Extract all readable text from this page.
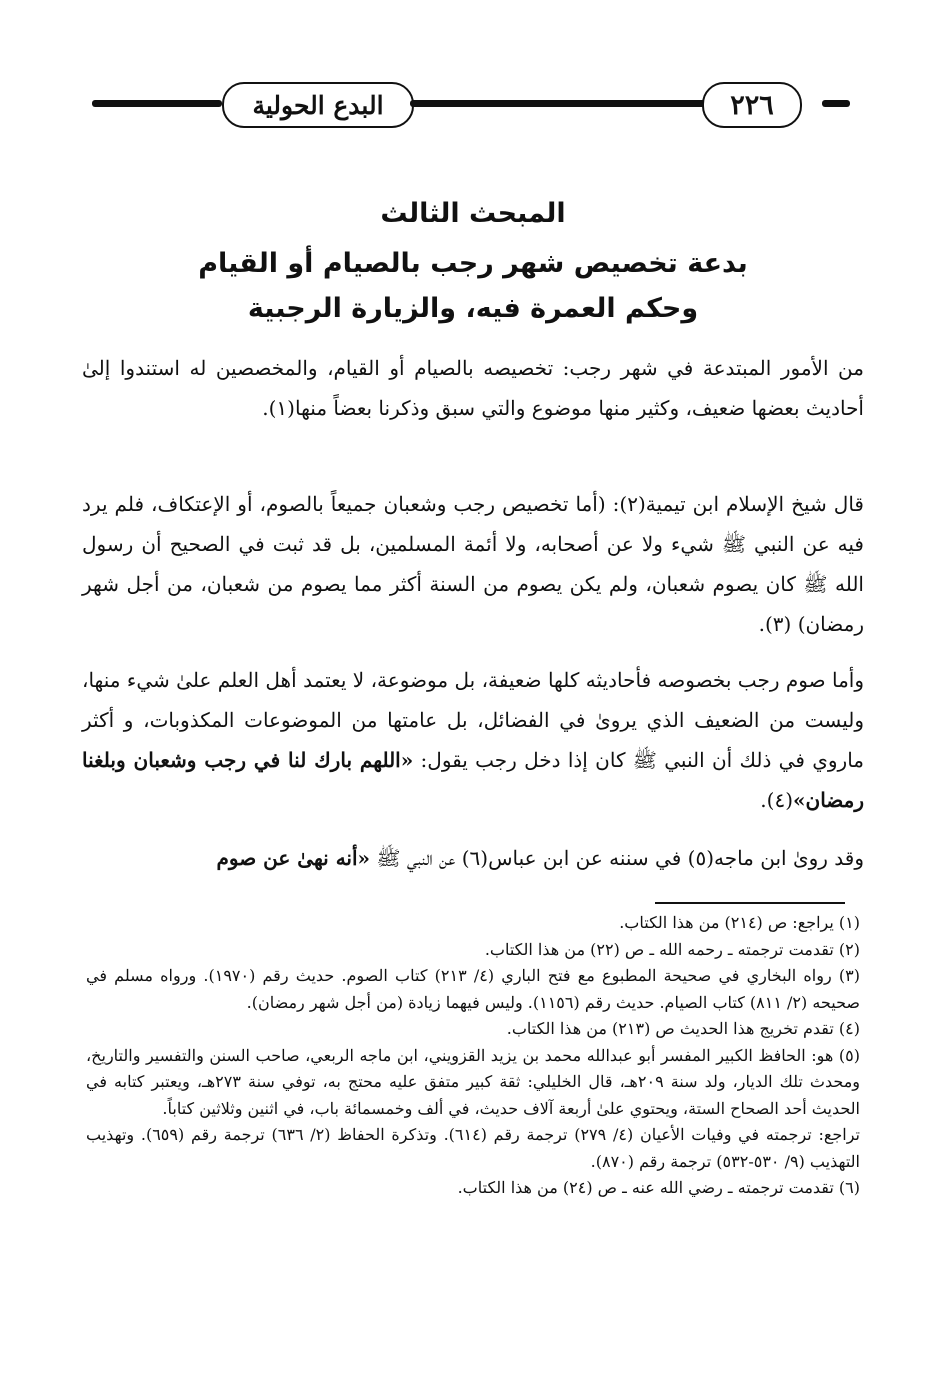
البدع الحولية	٢٢٦
المبحث الثالث
بدعة تخصيص شهر رجب بالصيام أو القيام
وحكم العمرة فيه، والزيارة الرجبية
من الأمور المبتدعة في شهر رجب: تخصيصه بالصيام أو القيام، والمخصصين له استندوا إلىٰ أحاديث بعضها ضعيف، وكثير منها موضوع والتي سبق وذكرنا بعضاً منها(١).
قال شيخ الإسلام ابن تيمية(٢): (أما تخصيص رجب وشعبان جميعاً بالصوم، أو الإعتكاف، فلم يرد فيه عن النبي ﷺ شيء ولا عن أصحابه، ولا أئمة المسلمين، بل قد ثبت في الصحيح أن رسول الله ﷺ كان يصوم شعبان، ولم يكن يصوم من السنة أكثر مما يصوم من شعبان، من أجل شهر رمضان) (٣).
وأما صوم رجب بخصوصه فأحاديثه كلها ضعيفة، بل موضوعة، لا يعتمد أهل العلم علىٰ شيء منها، وليست من الضعيف الذي يروىٰ في الفضائل، بل عامتها من الموضوعات المكذوبات، و أكثر ماروي في ذلك أن النبي ﷺ كان إذا دخل رجب يقول: «اللهم بارك لنا في رجب وشعبان وبلغنا رمضان»(٤).
وقد روىٰ ابن ماجه(٥) في سننه عن ابن عباس(٦) عن النبي ﷺ «أنه نهىٰ عن صوم

(١) يراجع: ص (٢١٤) من هذا الكتاب.

(٢) تقدمت ترجمته ـ رحمه الله ـ ص (٢٢) من هذا الكتاب.

(٣) رواه البخاري في صحيحة المطبوع مع فتح الباري (٤/ ٢١٣) كتاب الصوم. حديث رقم (١٩٧٠). ورواه مسلم في صحيحه (٢/ ٨١١) كتاب الصيام. حديث رقم (١١٥٦). وليس فيهما زيادة (من أجل شهر رمضان).

(٤) تقدم تخريج هذا الحديث ص (٢١٣) من هذا الكتاب.

(٥) هو: الحافظ الكبير المفسر أبو عبدالله محمد بن يزيد القزويني، ابن ماجه الربعي، صاحب السنن والتفسير والتاريخ، ومحدث تلك الديار، ولد سنة ٢٠٩هـ، قال الخليلي: ثقة كبير متفق عليه محتج به، توفي سنة ٢٧٣هـ، ويعتبر كتابه في الحديث أحد الصحاح الستة، ويحتوي علىٰ أربعة آلاف حديث، في ألف وخمسمائة باب، في اثنين وثلاثين كتاباً.

تراجع: ترجمته في وفيات الأعيان (٤/ ٢٧٩) ترجمة رقم (٦١٤). وتذكرة الحفاظ (٢/ ٦٣٦) ترجمة رقم (٦٥٩). وتهذيب التهذيب (٩/ ٥٣٠-٥٣٢) ترجمة رقم (٨٧٠).

(٦) تقدمت ترجمته ـ رضي الله عنه ـ ص (٢٤) من هذا الكتاب.
